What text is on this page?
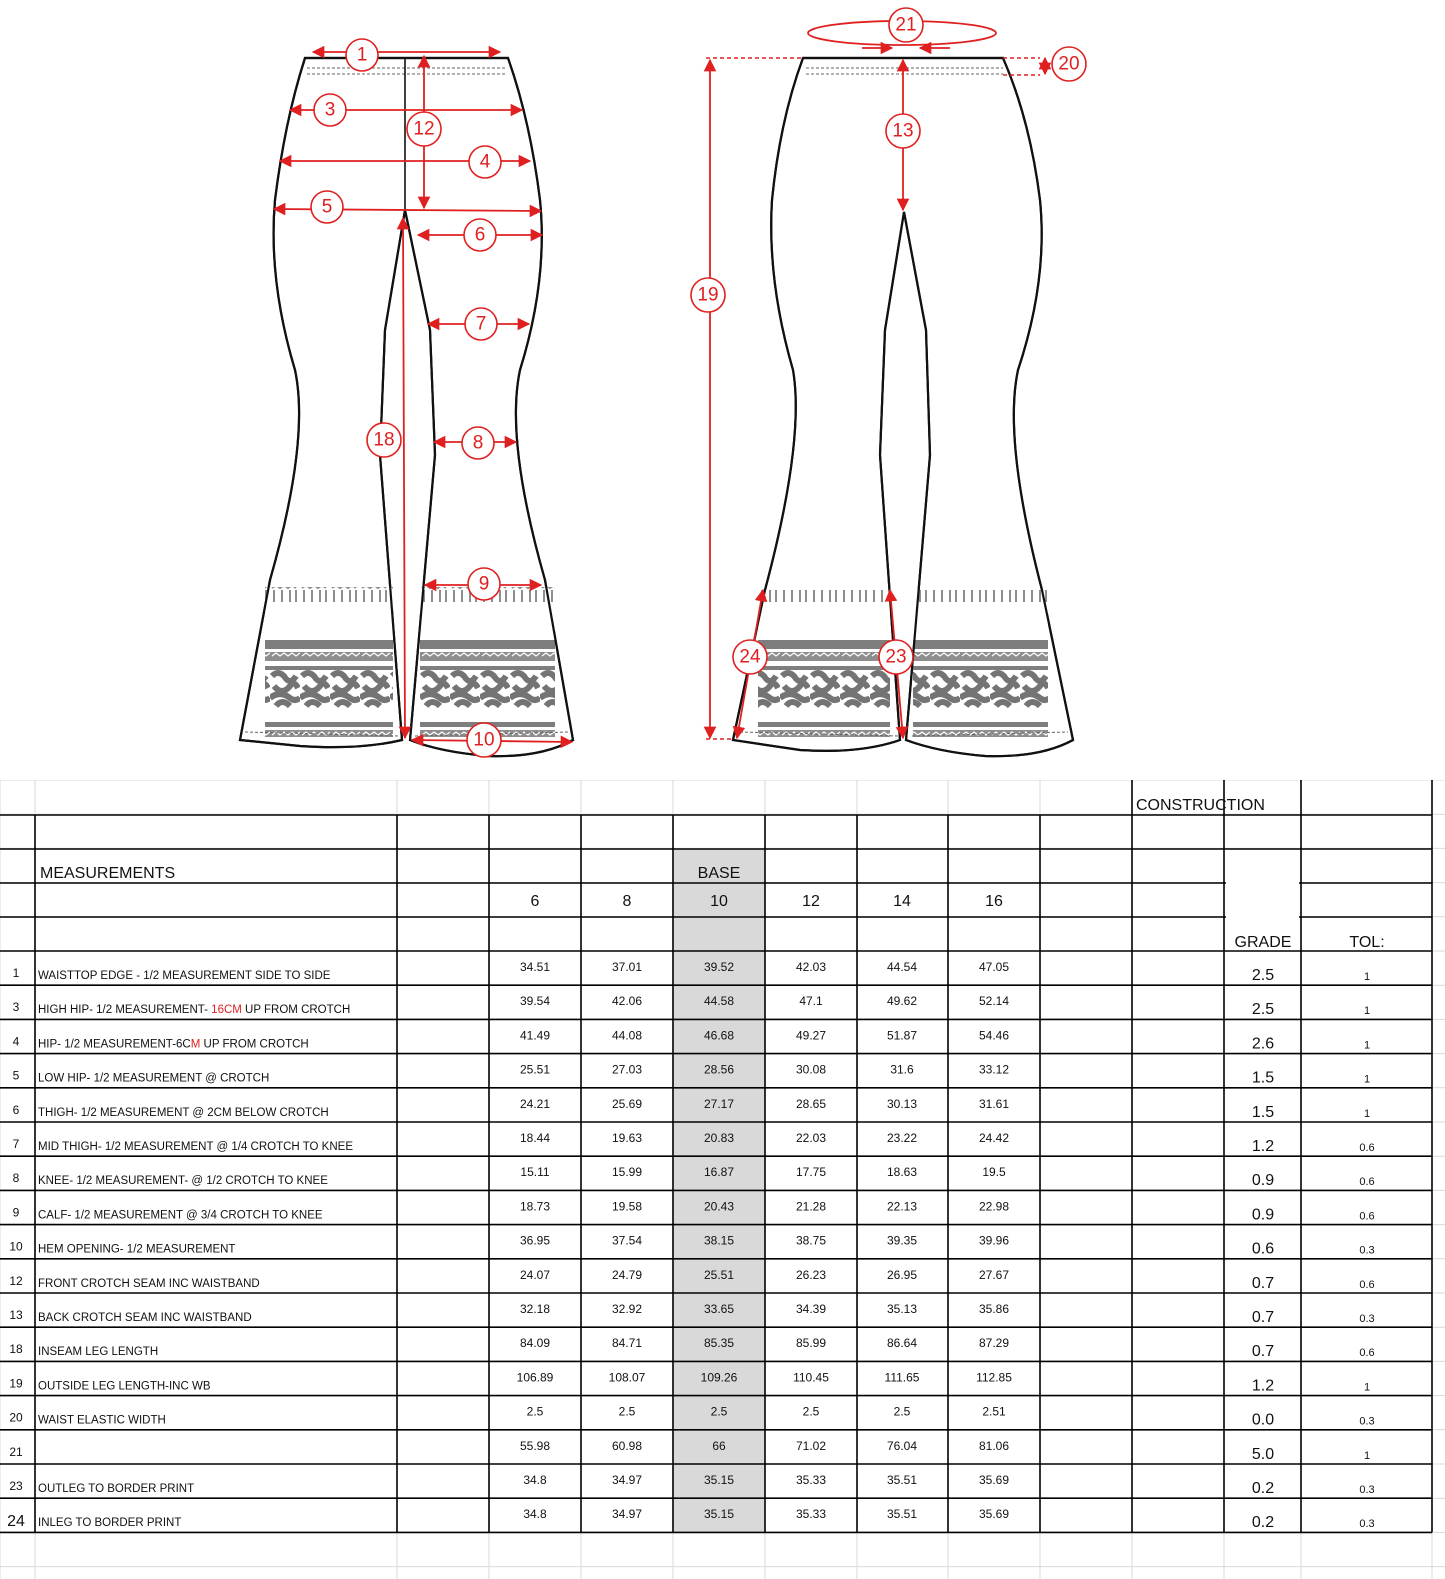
1
3
12
4
5
6
7
18	8
9
10
21
20
13
19
24	23
CONSTRUCTION
MEASUREMENTS	BASE
GRADE	TOL:
6	8	10	12	14	16
1 WAISTTOP EDGE - 1/2 MEASUREMENT SIDE TO SIDE
34.51	37.01	39.52	42.03	44.54	47.05	2.5	1
3 HIGH HIP- 1/2 MEASUREMENT- 16CM UP FROM CROTCH
39.54	42.06	44.58	47.1	49.62	52.14	2.5	1
4 HIP- 1/2 MEASUREMENT-6CM UP FROM CROTCH
41.49	44.08	46.68	49.27	51.87	54.46	2.6	1
5 LOW HIP- 1/2 MEASUREMENT @ CROTCH
25.51	27.03	28.56	30.08	31.6	33.12	1.5	1
6 THIGH- 1/2 MEASUREMENT @ 2CM BELOW CROTCH
24.21	25.69	27.17	28.65	30.13	31.61	1.5	1
7 MID THIGH- 1/2 MEASUREMENT @ 1/4 CROTCH TO KNEE
18.44	19.63	20.83	22.03	23.22	24.42	1.2	0.6
8 KNEE- 1/2 MEASUREMENT- @ 1/2 CROTCH TO KNEE
15.11	15.99	16.87	17.75	18.63	19.5	0.9	0.6
9 CALF- 1/2 MEASUREMENT @ 3/4 CROTCH TO KNEE
18.73	19.58	20.43	21.28	22.13	22.98	0.9	0.6
10 HEM OPENING- 1/2 MEASUREMENT
36.95	37.54	38.15	38.75	39.35	39.96	0.6	0.3
12 FRONT CROTCH SEAM INC WAISTBAND
24.07	24.79	25.51	26.23	26.95	27.67	0.7	0.6
13 BACK CROTCH SEAM INC WAISTBAND
32.18	32.92	33.65	34.39	35.13	35.86	0.7	0.3
18 INSEAM LEG LENGTH
84.09	84.71	85.35	85.99	86.64	87.29	0.7	0.6
19 OUTSIDE LEG LENGTH-INC WB
106.89	108.07	109.26	110.45	111.65	112.85	1.2	1
20 WAIST ELASTIC WIDTH
2.5	2.5	2.5	2.5	2.5	2.51	0.0	0.3
21	55.98	60.98	66	71.02	76.04	81.06	5.0	1
23 OUTLEG TO BORDER PRINT
34.8	34.97	35.15	35.33	35.51	35.69	0.2	0.3
24 INLEG TO BORDER PRINT
34.8	34.97	35.15	35.33	35.51	35.69	0.2	0.3
